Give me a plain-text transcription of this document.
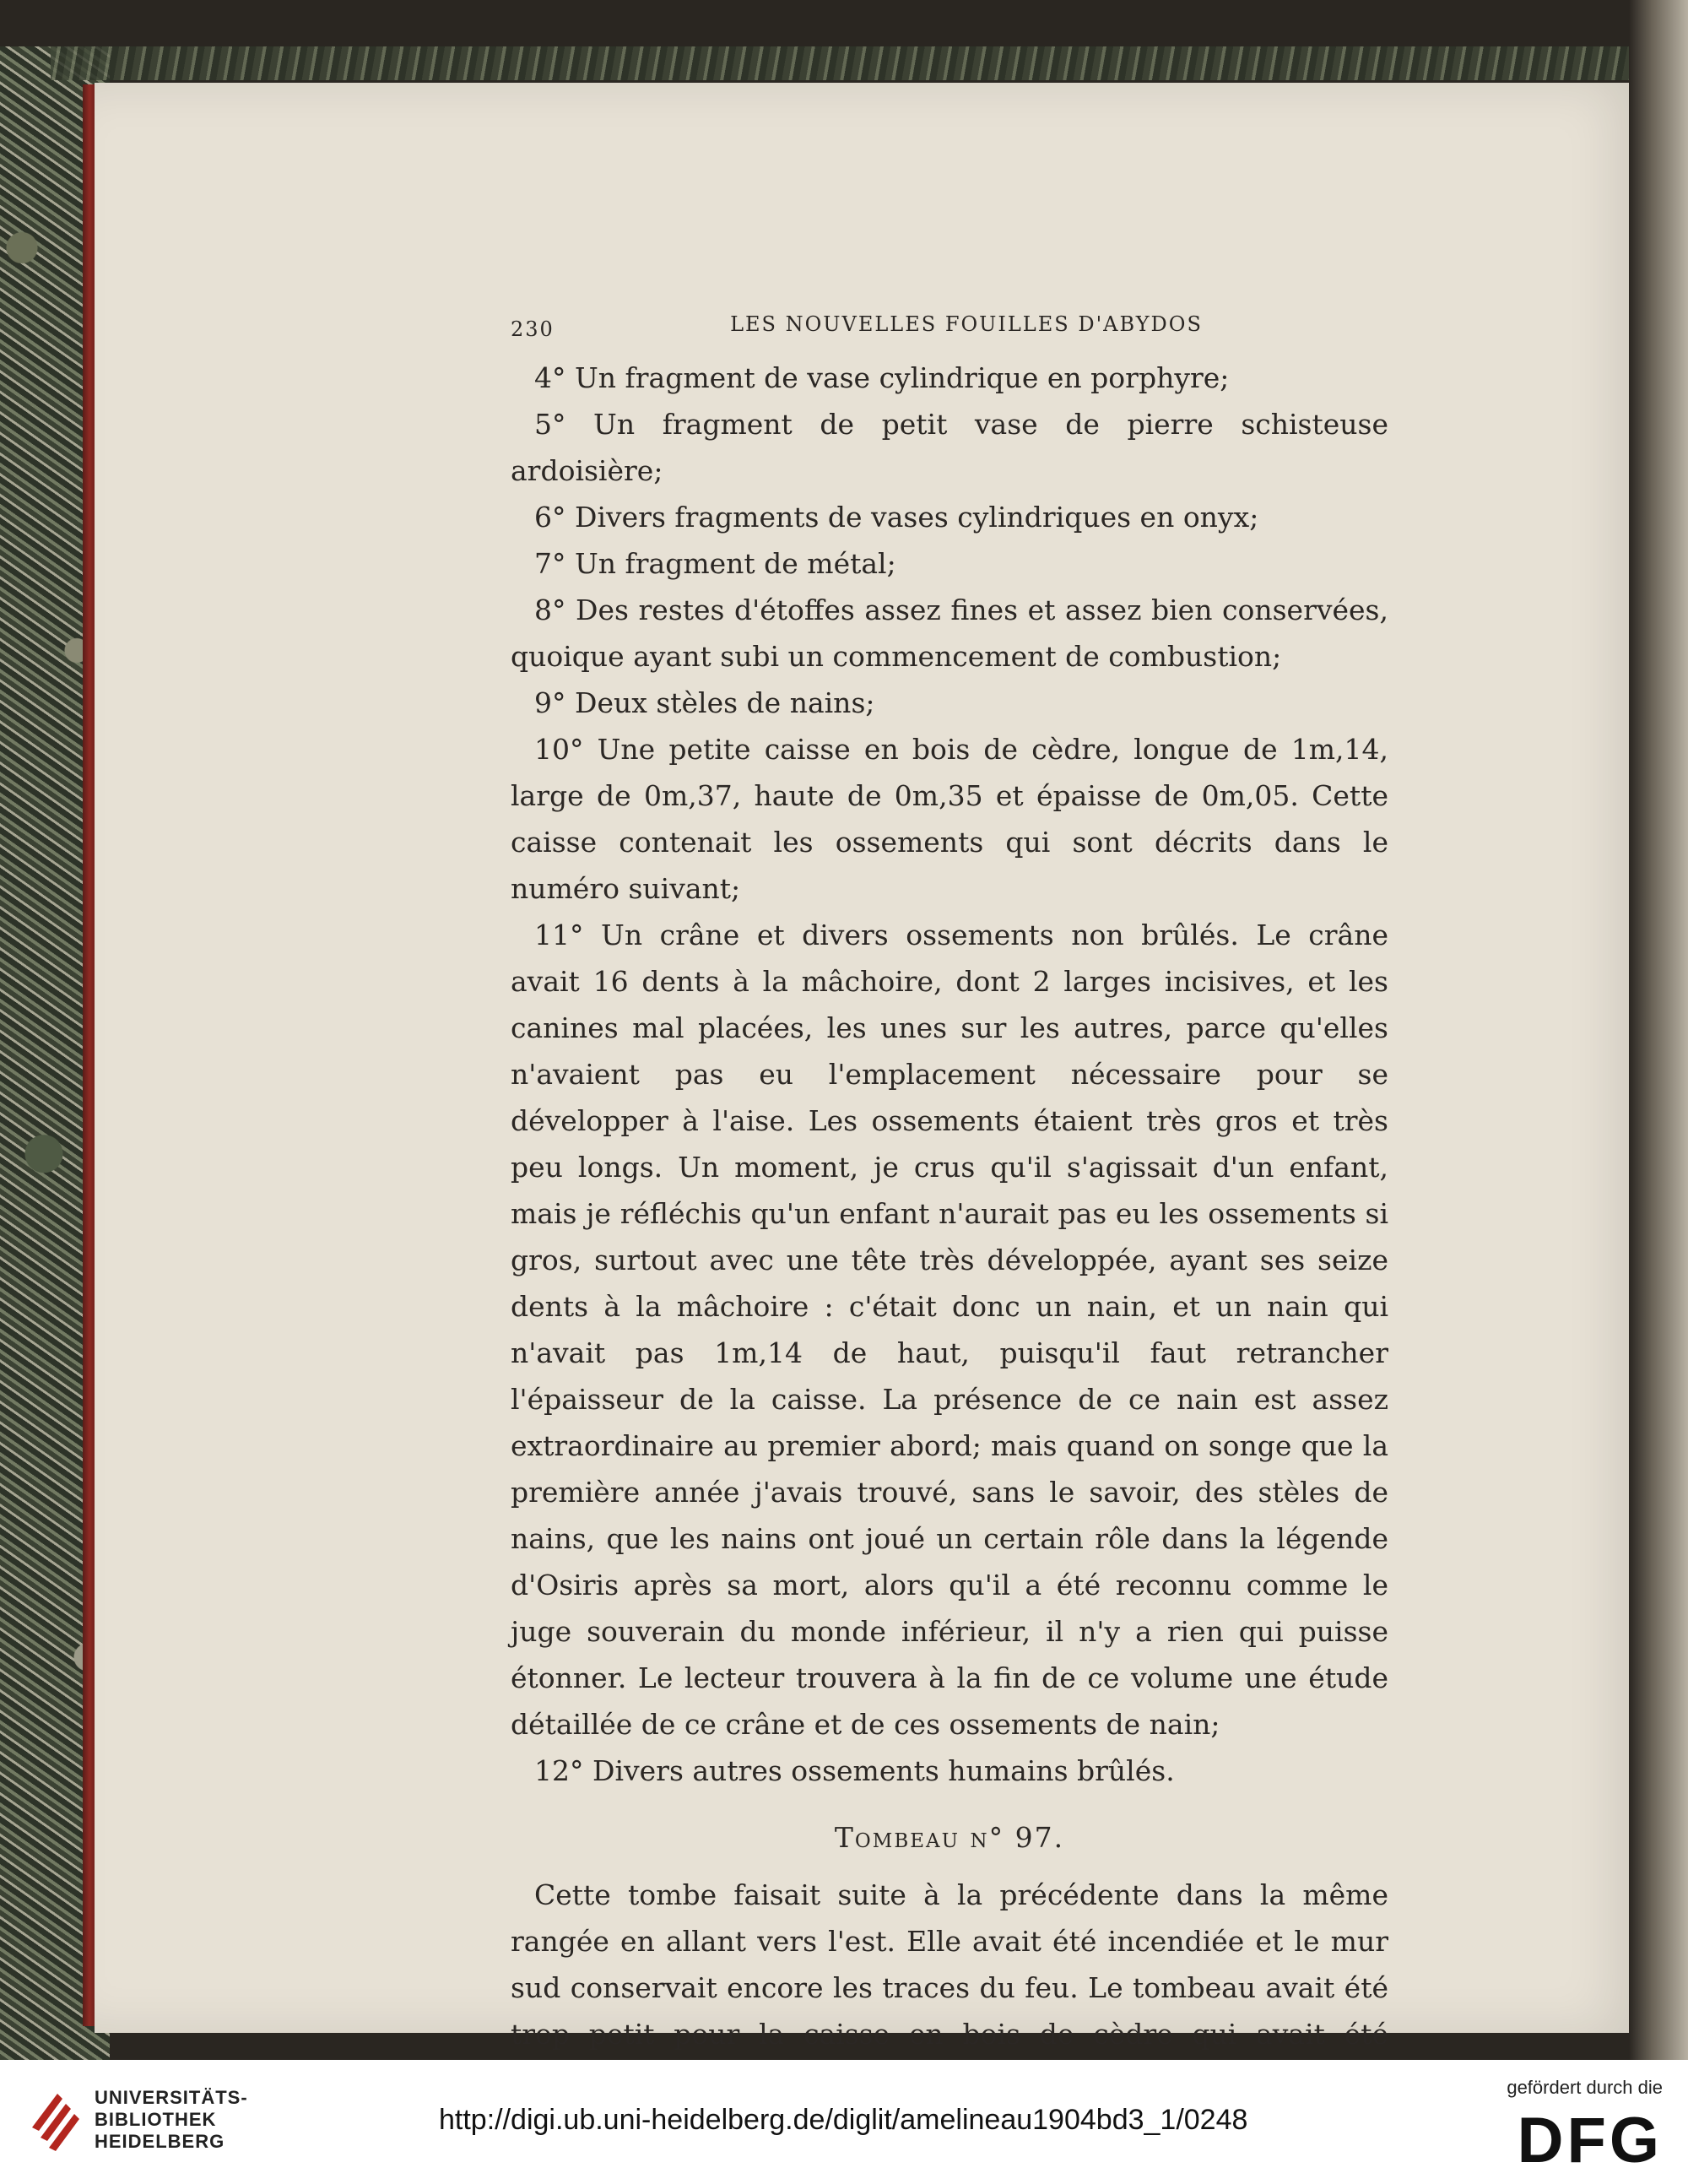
230	LES NOUVELLES FOUILLES D'ABYDOS

4° Un fragment de vase cylindrique en porphyre;

5° Un fragment de petit vase de pierre schisteuse ardoisière;

6° Divers fragments de vases cylindriques en onyx;

7° Un fragment de métal;

8° Des restes d'étoffes assez fines et assez bien conservées, quoique ayant subi un commencement de combustion;

9° Deux stèles de nains;

10° Une petite caisse en bois de cèdre, longue de 1m,14, large de 0m,37, haute de 0m,35 et épaisse de 0m,05. Cette caisse contenait les ossements qui sont décrits dans le numéro suivant;

11° Un crâne et divers ossements non brûlés. Le crâne avait 16 dents à la mâchoire, dont 2 larges incisives, et les canines mal placées, les unes sur les autres, parce qu'elles n'avaient pas eu l'emplacement nécessaire pour se développer à l'aise. Les ossements étaient très gros et très peu longs. Un moment, je crus qu'il s'agissait d'un enfant, mais je réfléchis qu'un enfant n'aurait pas eu les ossements si gros, surtout avec une tête très développée, ayant ses seize dents à la mâchoire : c'était donc un nain, et un nain qui n'avait pas 1m,14 de haut, puisqu'il faut retrancher l'épaisseur de la caisse. La présence de ce nain est assez extraordinaire au premier abord; mais quand on songe que la première année j'avais trouvé, sans le savoir, des stèles de nains, que les nains ont joué un certain rôle dans la légende d'Osiris après sa mort, alors qu'il a été reconnu comme le juge souverain du monde inférieur, il n'y a rien qui puisse étonner. Le lecteur trouvera à la fin de ce volume une étude détaillée de ce crâne et de ces ossements de nain;

12° Divers autres ossements humains brûlés.

Tombeau n° 97.

Cette tombe faisait suite à la précédente dans la même rangée en allant vers l'est. Elle avait été incendiée et le mur sud conservait encore les traces du feu. Le tombeau avait été trop petit pour la caisse en bois de cèdre qui avait été

UNIVERSITÄTS-
BIBLIOTHEK
HEIDELBERG
http://digi.ub.uni-heidelberg.de/diglit/amelineau1904bd3_1/0248
gefördert durch die
DFG
